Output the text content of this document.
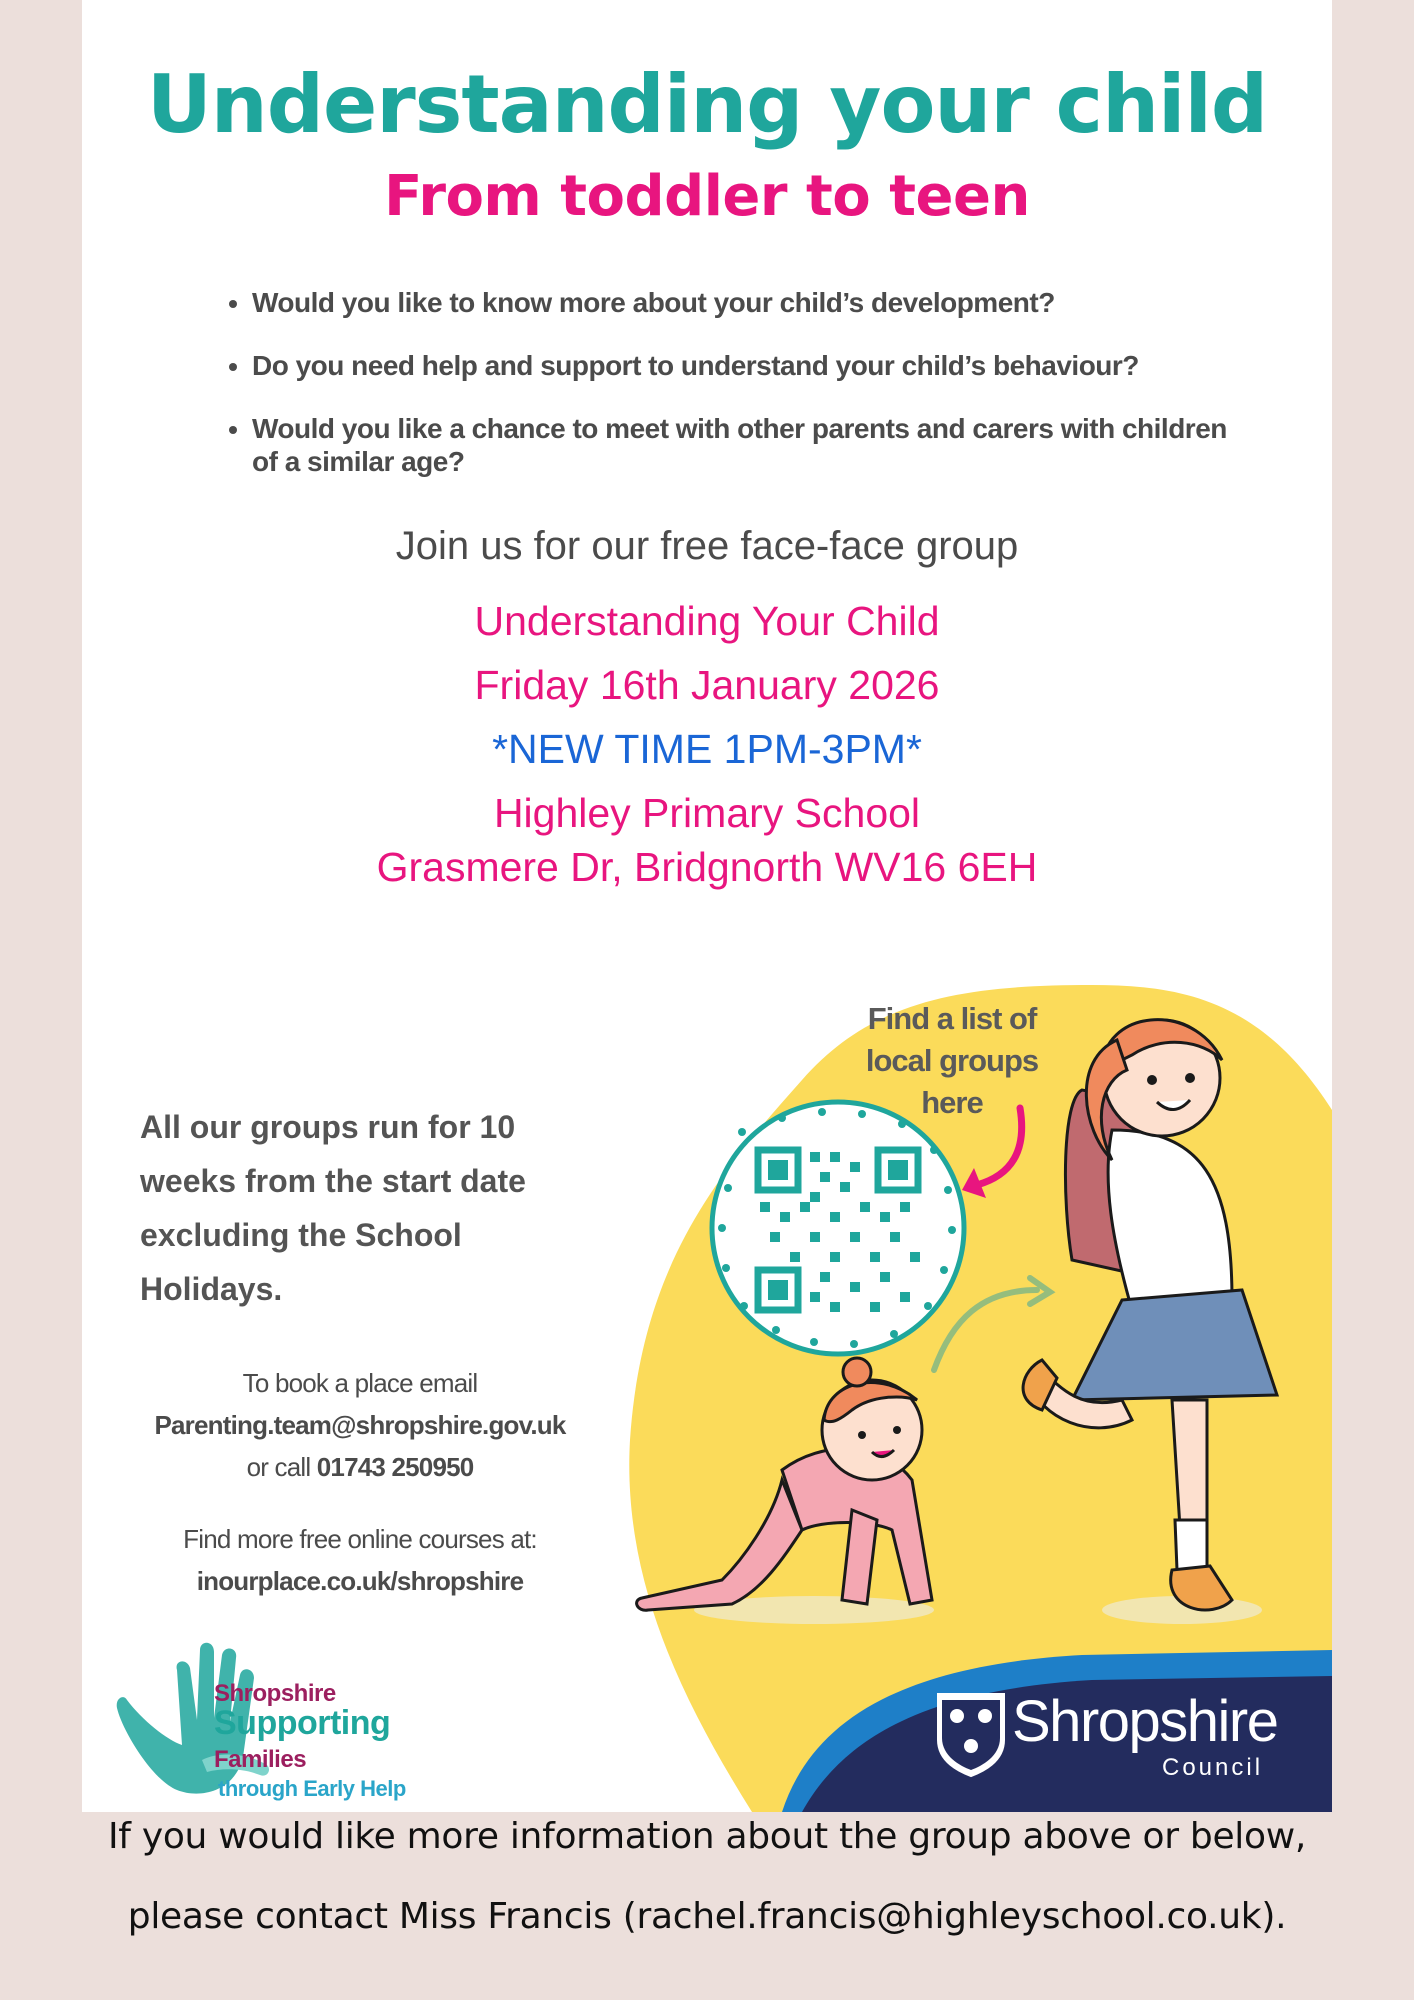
Understanding your child
From toddler to teen
• Would you like to know more about your child’s development?
• Do you need help and support to understand your child’s behaviour?
• Would you like a chance to meet with other parents and carers with children of a similar age?
Join us for our free face-face group
Understanding Your Child
Friday 16th January 2026
*NEW TIME 1PM-3PM*
Highley Primary School
Grasmere Dr, Bridgnorth WV16 6EH
Find a list of local groups here
All our groups run for 10 weeks from the start date excluding the School Holidays.
To book a place email
Parenting.team@shropshire.gov.uk
or call 01743 250950
Find more free online courses at:
inourplace.co.uk/shropshire
Shropshire
Supporting
Families
through Early Help
Shropshire
Council
If you would like more information about the group above or below,
please contact Miss Francis (rachel.francis@highleyschool.co.uk).
